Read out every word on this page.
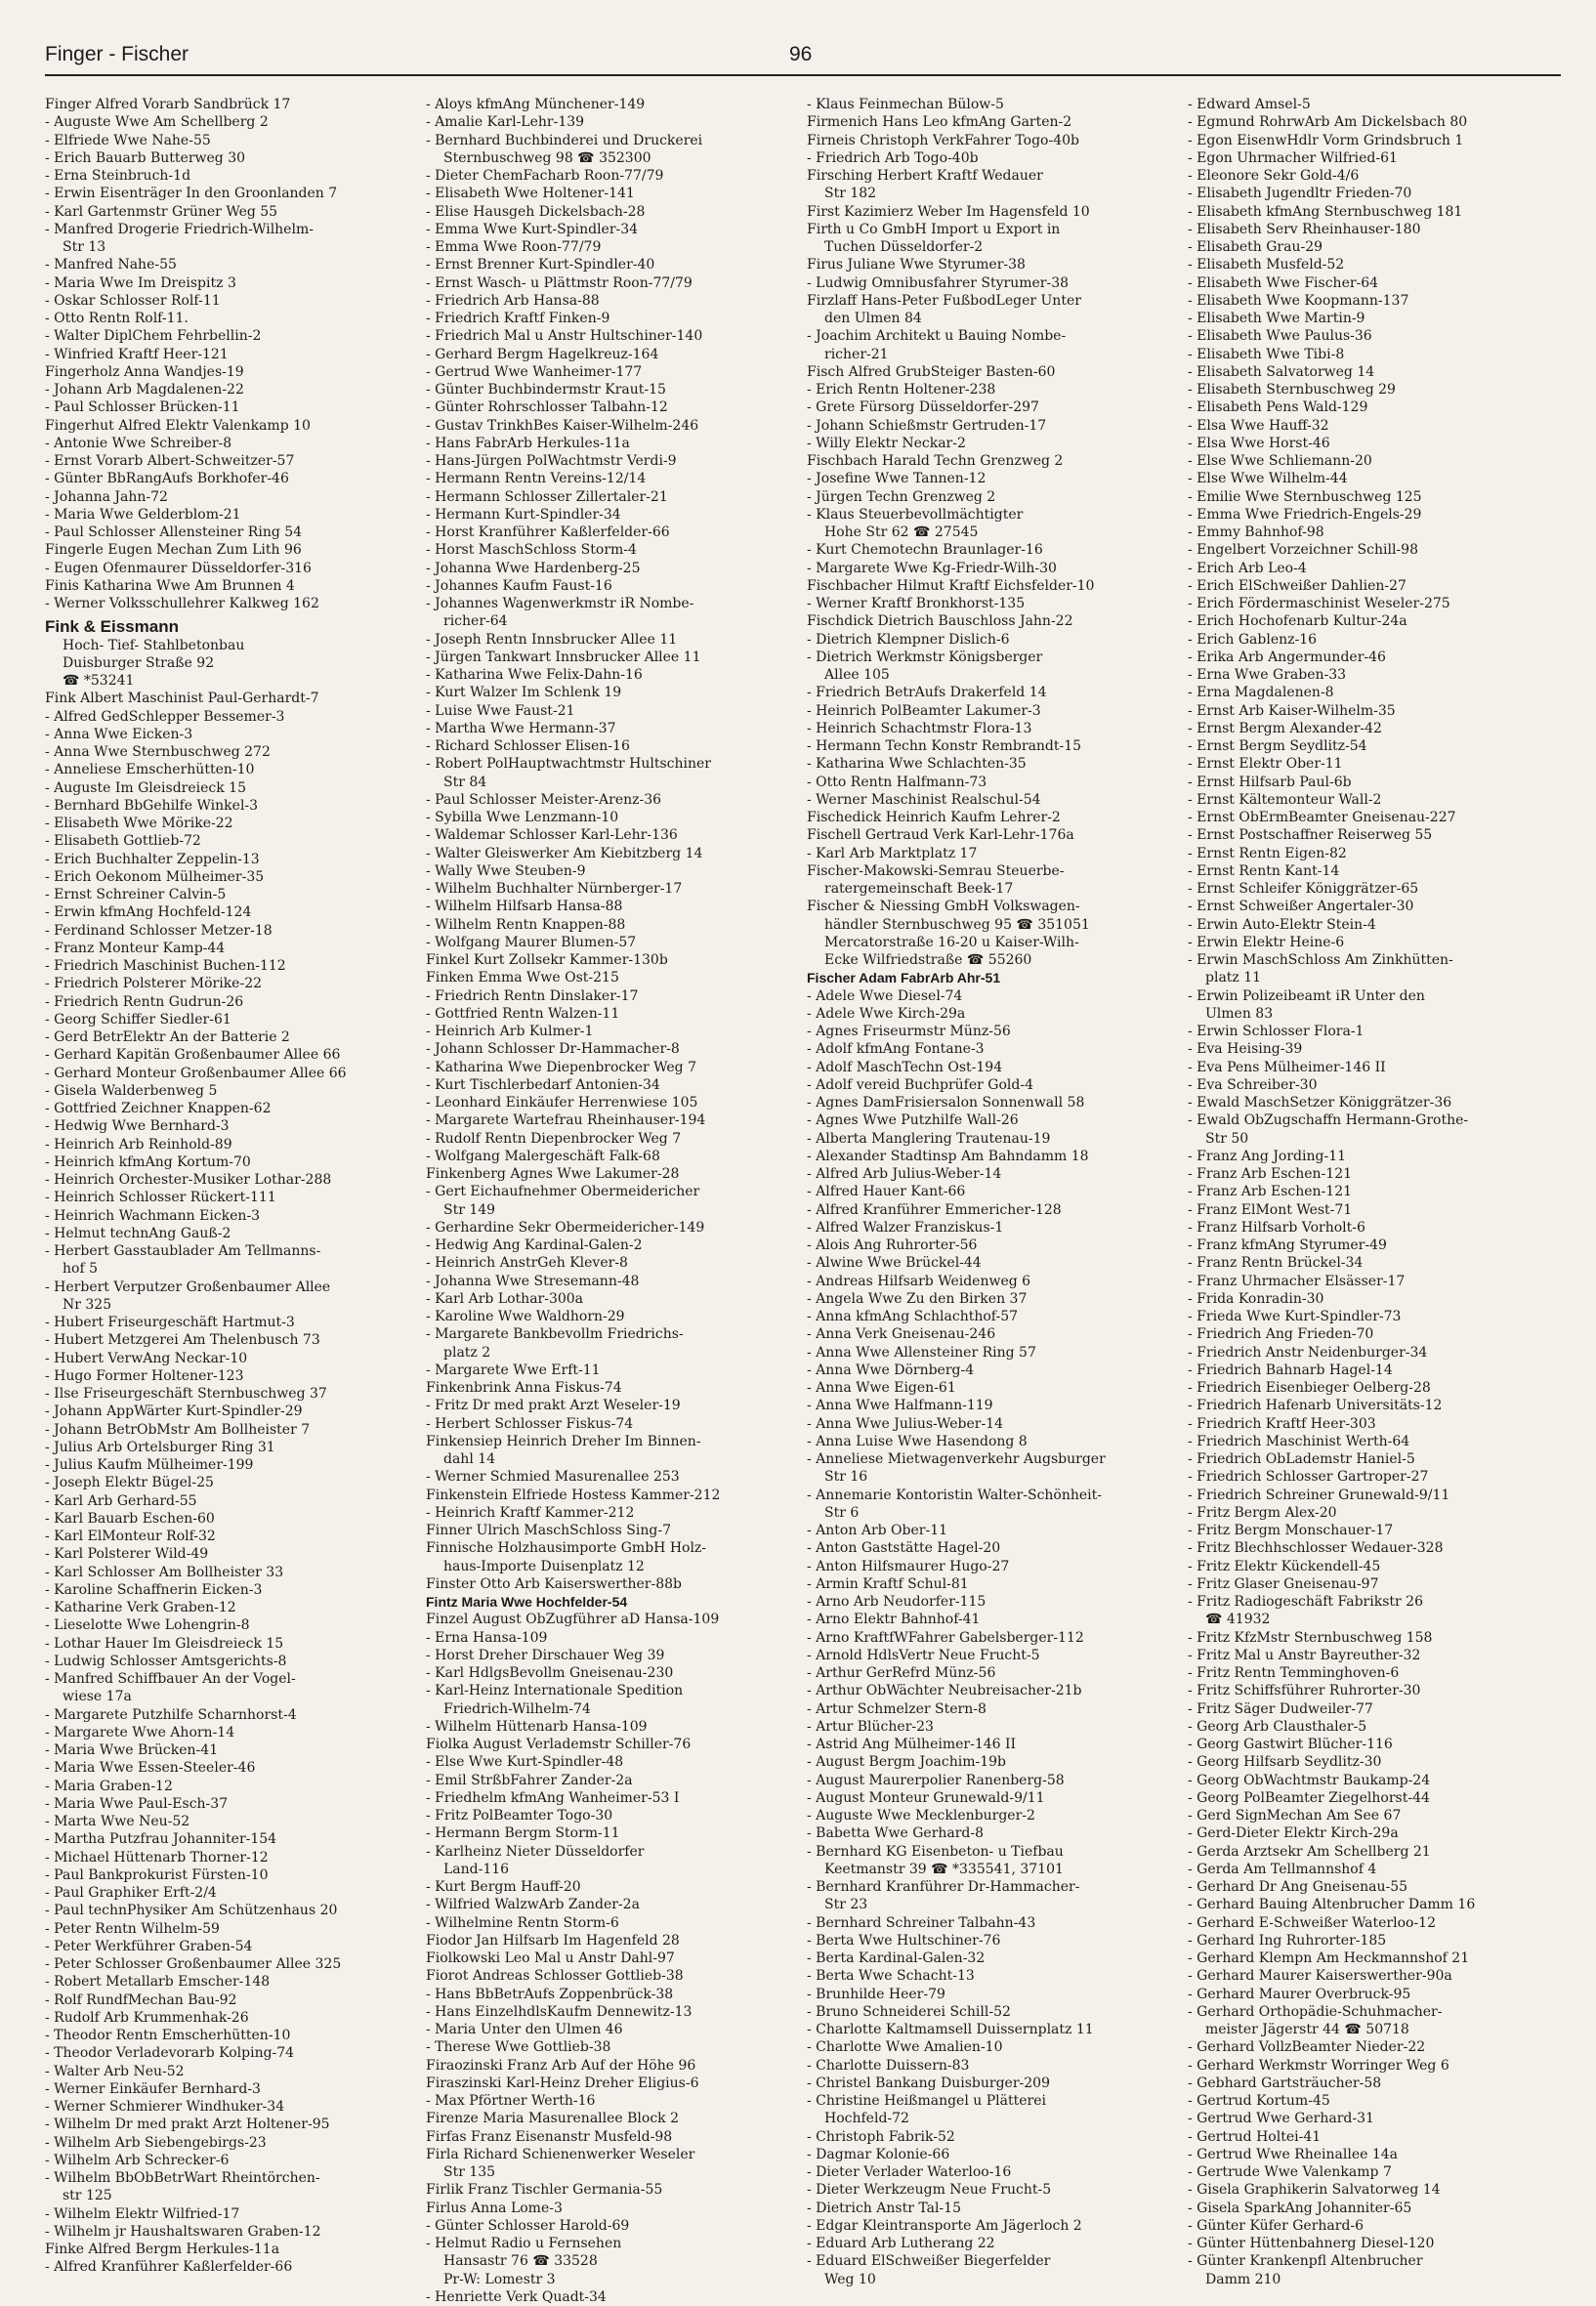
Finger - Fischer	96
Finger Alfred Vorarb Sandbrück 17
- Auguste Wwe Am Schellberg 2
- Elfriede Wwe Nahe-55
- Erich Bauarb Butterweg 30
- Erna Steinbruch-1d
- Erwin Eisenträger In den Groonlanden 7
- Karl Gartenmstr Grüner Weg 55
- Manfred Drogerie Friedrich-Wilhelm-
Str 13
- Manfred Nahe-55
- Maria Wwe Im Dreispitz 3
- Oskar Schlosser Rolf-11
- Otto Rentn Rolf-11.
- Walter DiplChem Fehrbellin-2
- Winfried Kraftf Heer-121
Fingerholz Anna Wandjes-19
- Johann Arb Magdalenen-22
- Paul Schlosser Brücken-11
Fingerhut Alfred Elektr Valenkamp 10
- Antonie Wwe Schreiber-8
- Ernst Vorarb Albert-Schweitzer-57
- Günter BbRangAufs Borkhofer-46
- Johanna Jahn-72
- Maria Wwe Gelderblom-21
- Paul Schlosser Allensteiner Ring 54
Fingerle Eugen Mechan Zum Lith 96
- Eugen Ofenmaurer Düsseldorfer-316
Finis Katharina Wwe Am Brunnen 4
- Werner Volksschullehrer Kalkweg 162
Fink & Eissmann
Hoch- Tief- Stahlbetonbau
Duisburger Straße 92
☎ *53241
Fink Albert Maschinist Paul-Gerhardt-7
- Alfred GedSchlepper Bessemer-3
- Anna Wwe Eicken-3
- Anna Wwe Sternbuschweg 272
- Anneliese Emscherhütten-10
- Auguste Im Gleisdreieck 15
- Bernhard BbGehilfe Winkel-3
- Elisabeth Wwe Mörike-22
- Elisabeth Gottlieb-72
- Erich Buchhalter Zeppelin-13
- Erich Oekonom Mülheimer-35
- Ernst Schreiner Calvin-5
- Erwin kfmAng Hochfeld-124
- Ferdinand Schlosser Metzer-18
- Franz Monteur Kamp-44
- Friedrich Maschinist Buchen-112
- Friedrich Polsterer Mörike-22
- Friedrich Rentn Gudrun-26
- Georg Schiffer Siedler-61
- Gerd BetrElektr An der Batterie 2
- Gerhard Kapitän Großenbaumer Allee 66
- Gerhard Monteur Großenbaumer Allee 66
- Gisela Walderbenweg 5
- Gottfried Zeichner Knappen-62
- Hedwig Wwe Bernhard-3
- Heinrich Arb Reinhold-89
- Heinrich kfmAng Kortum-70
- Heinrich Orchester-Musiker Lothar-288
- Heinrich Schlosser Rückert-111
- Heinrich Wachmann Eicken-3
- Helmut technAng Gauß-2
- Herbert Gasstaublader Am Tellmanns-
hof 5
- Herbert Verputzer Großenbaumer Allee
Nr 325
- Hubert Friseurgeschäft Hartmut-3
- Hubert Metzgerei Am Thelenbusch 73
- Hubert VerwAng Neckar-10
- Hugo Former Holtener-123
- Ilse Friseurgeschäft Sternbuschweg 37
- Johann AppWärter Kurt-Spindler-29
- Johann BetrObMstr Am Bollheister 7
- Julius Arb Ortelsburger Ring 31
- Julius Kaufm Mülheimer-199
- Joseph Elektr Bügel-25
- Karl Arb Gerhard-55
- Karl Bauarb Eschen-60
- Karl ElMonteur Rolf-32
- Karl Polsterer Wild-49
- Karl Schlosser Am Bollheister 33
- Karoline Schaffnerin Eicken-3
- Katharine Verk Graben-12
- Lieselotte Wwe Lohengrin-8
- Lothar Hauer Im Gleisdreieck 15
- Ludwig Schlosser Amtsgerichts-8
- Manfred Schiffbauer An der Vogel-
wiese 17a
- Margarete Putzhilfe Scharnhorst-4
- Margarete Wwe Ahorn-14
- Maria Wwe Brücken-41
- Maria Wwe Essen-Steeler-46
- Maria Graben-12
- Maria Wwe Paul-Esch-37
- Marta Wwe Neu-52
- Martha Putzfrau Johanniter-154
- Michael Hüttenarb Thorner-12
- Paul Bankprokurist Fürsten-10
- Paul Graphiker Erft-2/4
- Paul technPhysiker Am Schützenhaus 20
- Peter Rentn Wilhelm-59
- Peter Werkführer Graben-54
- Peter Schlosser Großenbaumer Allee 325
- Robert Metallarb Emscher-148
- Rolf RundfMechan Bau-92
- Rudolf Arb Krummenhak-26
- Theodor Rentn Emscherhütten-10
- Theodor Verladevorarb Kolping-74
- Walter Arb Neu-52
- Werner Einkäufer Bernhard-3
- Werner Schmierer Windhuker-34
- Wilhelm Dr med prakt Arzt Holtener-95
- Wilhelm Arb Siebengebirgs-23
- Wilhelm Arb Schrecker-6
- Wilhelm BbObBetrWart Rheintörchen-
str 125
- Wilhelm Elektr Wilfried-17
- Wilhelm jr Haushaltswaren Graben-12
Finke Alfred Bergm Herkules-11a
- Alfred Kranführer Kaßlerfelder-66
- Aloys kfmAng Münchener-149
- Amalie Karl-Lehr-139
- Bernhard Buchbinderei und Druckerei
Sternbuschweg 98 ☎ 352300
- Dieter ChemFacharb Roon-77/79
- Elisabeth Wwe Holtener-141
- Elise Hausgeh Dickelsbach-28
- Emma Wwe Kurt-Spindler-34
- Emma Wwe Roon-77/79
- Ernst Brenner Kurt-Spindler-40
- Ernst Wasch- u Plättmstr Roon-77/79
- Friedrich Arb Hansa-88
- Friedrich Kraftf Finken-9
- Friedrich Mal u Anstr Hultschiner-140
- Gerhard Bergm Hagelkreuz-164
- Gertrud Wwe Wanheimer-177
- Günter Buchbindermstr Kraut-15
- Günter Rohrschlosser Talbahn-12
- Gustav TrinkhBes Kaiser-Wilhelm-246
- Hans FabrArb Herkules-11a
- Hans-Jürgen PolWachtmstr Verdi-9
- Hermann Rentn Vereins-12/14
- Hermann Schlosser Zillertaler-21
- Hermann Kurt-Spindler-34
- Horst Kranführer Kaßlerfelder-66
- Horst MaschSchloss Storm-4
- Johanna Wwe Hardenberg-25
- Johannes Kaufm Faust-16
- Johannes Wagenwerkmstr iR Nombe-
richer-64
- Joseph Rentn Innsbrucker Allee 11
- Jürgen Tankwart Innsbrucker Allee 11
- Katharina Wwe Felix-Dahn-16
- Kurt Walzer Im Schlenk 19
- Luise Wwe Faust-21
- Martha Wwe Hermann-37
- Richard Schlosser Elisen-16
- Robert PolHauptwachtmstr Hultschiner
Str 84
- Paul Schlosser Meister-Arenz-36
- Sybilla Wwe Lenzmann-10
- Waldemar Schlosser Karl-Lehr-136
- Walter Gleiswerker Am Kiebitzberg 14
- Wally Wwe Steuben-9
- Wilhelm Buchhalter Nürnberger-17
- Wilhelm Hilfsarb Hansa-88
- Wilhelm Rentn Knappen-88
- Wolfgang Maurer Blumen-57
Finkel Kurt Zollsekr Kammer-130b
Finken Emma Wwe Ost-215
- Friedrich Rentn Dinslaker-17
- Gottfried Rentn Walzen-11
- Heinrich Arb Kulmer-1
- Johann Schlosser Dr-Hammacher-8
- Katharina Wwe Diepenbrocker Weg 7
- Kurt Tischlerbedarf Antonien-34
- Leonhard Einkäufer Herrenwiese 105
- Margarete Wartefrau Rheinhauser-194
- Rudolf Rentn Diepenbrocker Weg 7
- Wolfgang Malergeschäft Falk-68
Finkenberg Agnes Wwe Lakumer-28
- Gert Eichaufnehmer Obermeidericher
Str 149
- Gerhardine Sekr Obermeidericher-149
- Hedwig Ang Kardinal-Galen-2
- Heinrich AnstrGeh Klever-8
- Johanna Wwe Stresemann-48
- Karl Arb Lothar-300a
- Karoline Wwe Waldhorn-29
- Margarete Bankbevollm Friedrichs-
platz 2
- Margarete Wwe Erft-11
Finkenbrink Anna Fiskus-74
- Fritz Dr med prakt Arzt Weseler-19
- Herbert Schlosser Fiskus-74
Finkensiep Heinrich Dreher Im Binnen-
dahl 14
- Werner Schmied Masurenallee 253
Finkenstein Elfriede Hostess Kammer-212
- Heinrich Kraftf Kammer-212
Finner Ulrich MaschSchloss Sing-7
Finnische Holzhausimporte GmbH Holz-
haus-Importe Duisenplatz 12
Finster Otto Arb Kaiserswerther-88b
Fintz Maria Wwe Hochfelder-54
Finzel August ObZugführer aD Hansa-109
- Erna Hansa-109
- Horst Dreher Dirschauer Weg 39
- Karl HdlgsBevollm Gneisenau-230
- Karl-Heinz Internationale Spedition
Friedrich-Wilhelm-74
- Wilhelm Hüttenarb Hansa-109
Fiolka August Verlademstr Schiller-76
- Else Wwe Kurt-Spindler-48
- Emil StrßbFahrer Zander-2a
- Friedhelm kfmAng Wanheimer-53 I
- Fritz PolBeamter Togo-30
- Hermann Bergm Storm-11
- Karlheinz Nieter Düsseldorfer
Land-116
- Kurt Bergm Hauff-20
- Wilfried WalzwArb Zander-2a
- Wilhelmine Rentn Storm-6
Fiodor Jan Hilfsarb Im Hagenfeld 28
Fiolkowski Leo Mal u Anstr Dahl-97
Fiorot Andreas Schlosser Gottlieb-38
- Hans BbBetrAufs Zoppenbrück-38
- Hans EinzelhdlsKaufm Dennewitz-13
- Maria Unter den Ulmen 46
- Therese Wwe Gottlieb-38
Firaozinski Franz Arb Auf der Höhe 96
Firaszinski Karl-Heinz Dreher Eligius-6
- Max Pförtner Werth-16
Firenze Maria Masurenallee Block 2
Firfas Franz Eisenanstr Musfeld-98
Firla Richard Schienenwerker Weseler
Str 135
Firlik Franz Tischler Germania-55
Firlus Anna Lome-3
- Günter Schlosser Harold-69
- Helmut Radio u Fernsehen
Hansastr 76 ☎ 33528
Pr-W: Lomestr 3
- Henriette Verk Quadt-34
- Klaus Feinmechan Bülow-5
Firmenich Hans Leo kfmAng Garten-2
Firneis Christoph VerkFahrer Togo-40b
- Friedrich Arb Togo-40b
Firsching Herbert Kraftf Wedauer
Str 182
First Kazimierz Weber Im Hagensfeld 10
Firth u Co GmbH Import u Export in
Tuchen Düsseldorfer-2
Firus Juliane Wwe Styrumer-38
- Ludwig Omnibusfahrer Styrumer-38
Firzlaff Hans-Peter FußbodLeger Unter
den Ulmen 84
- Joachim Architekt u Bauing Nombe-
richer-21
Fisch Alfred GrubSteiger Basten-60
- Erich Rentn Holtener-238
- Grete Fürsorg Düsseldorfer-297
- Johann Schießmstr Gertruden-17
- Willy Elektr Neckar-2
Fischbach Harald Techn Grenzweg 2
- Josefine Wwe Tannen-12
- Jürgen Techn Grenzweg 2
- Klaus Steuerbevollmächtigter
Hohe Str 62 ☎ 27545
- Kurt Chemotechn Braunlager-16
- Margarete Wwe Kg-Friedr-Wilh-30
Fischbacher Hilmut Kraftf Eichsfelder-10
- Werner Kraftf Bronkhorst-135
Fischdick Dietrich Bauschloss Jahn-22
- Dietrich Klempner Dislich-6
- Dietrich Werkmstr Königsberger
Allee 105
- Friedrich BetrAufs Drakerfeld 14
- Heinrich PolBeamter Lakumer-3
- Heinrich Schachtmstr Flora-13
- Hermann Techn Konstr Rembrandt-15
- Katharina Wwe Schlachten-35
- Otto Rentn Halfmann-73
- Werner Maschinist Realschul-54
Fischedick Heinrich Kaufm Lehrer-2
Fischell Gertraud Verk Karl-Lehr-176a
- Karl Arb Marktplatz 17
Fischer-Makowski-Semrau Steuerbe-
ratergemeinschaft Beek-17
Fischer & Niessing GmbH Volkswagen-
händler Sternbuschweg 95 ☎ 351051
Mercatorstraße 16-20 u Kaiser-Wilh-
Ecke Wilfriedstraße ☎ 55260
Fischer Adam FabrArb Ahr-51
- Adele Wwe Diesel-74
- Adele Wwe Kirch-29a
- Agnes Friseurmstr Münz-56
- Adolf kfmAng Fontane-3
- Adolf MaschTechn Ost-194
- Adolf vereid Buchprüfer Gold-4
- Agnes DamFrisiersalon Sonnenwall 58
- Agnes Wwe Putzhilfe Wall-26
- Alberta Manglering Trautenau-19
- Alexander Stadtinsp Am Bahndamm 18
- Alfred Arb Julius-Weber-14
- Alfred Hauer Kant-66
- Alfred Kranführer Emmericher-128
- Alfred Walzer Franziskus-1
- Alois Ang Ruhrorter-56
- Alwine Wwe Brückel-44
- Andreas Hilfsarb Weidenweg 6
- Angela Wwe Zu den Birken 37
- Anna kfmAng Schlachthof-57
- Anna Verk Gneisenau-246
- Anna Wwe Allensteiner Ring 57
- Anna Wwe Dörnberg-4
- Anna Wwe Eigen-61
- Anna Wwe Halfmann-119
- Anna Wwe Julius-Weber-14
- Anna Luise Wwe Hasendong 8
- Anneliese Mietwagenverkehr Augsburger
Str 16
- Annemarie Kontoristin Walter-Schönheit-
Str 6
- Anton Arb Ober-11
- Anton Gaststätte Hagel-20
- Anton Hilfsmaurer Hugo-27
- Armin Kraftf Schul-81
- Arno Arb Neudorfer-115
- Arno Elektr Bahnhof-41
- Arno KraftfWFahrer Gabelsberger-112
- Arnold HdlsVertr Neue Frucht-5
- Arthur GerRefrd Münz-56
- Arthur ObWächter Neubreisacher-21b
- Artur Schmelzer Stern-8
- Artur Blücher-23
- Astrid Ang Mülheimer-146 II
- August Bergm Joachim-19b
- August Maurerpolier Ranenberg-58
- August Monteur Grunewald-9/11
- Auguste Wwe Mecklenburger-2
- Babetta Wwe Gerhard-8
- Bernhard KG Eisenbeton- u Tiefbau
Keetmanstr 39 ☎ *335541, 37101
- Bernhard Kranführer Dr-Hammacher-
Str 23
- Bernhard Schreiner Talbahn-43
- Berta Wwe Hultschiner-76
- Berta Kardinal-Galen-32
- Berta Wwe Schacht-13
- Brunhilde Heer-79
- Bruno Schneiderei Schill-52
- Charlotte Kaltmamsell Duissernplatz 11
- Charlotte Wwe Amalien-10
- Charlotte Duissern-83
- Christel Bankang Duisburger-209
- Christine Heißmangel u Plätterei
Hochfeld-72
- Christoph Fabrik-52
- Dagmar Kolonie-66
- Dieter Verlader Waterloo-16
- Dieter Werkzeugm Neue Frucht-5
- Dietrich Anstr Tal-15
- Edgar Kleintransporte Am Jägerloch 2
- Eduard Arb Lutherang 22
- Eduard ElSchweißer Biegerfelder
Weg 10
- Edward Amsel-5
- Egmund RohrwArb Am Dickelsbach 80
- Egon EisenwHdlr Vorm Grindsbruch 1
- Egon Uhrmacher Wilfried-61
- Eleonore Sekr Gold-4/6
- Elisabeth Jugendltr Frieden-70
- Elisabeth kfmAng Sternbuschweg 181
- Elisabeth Serv Rheinhauser-180
- Elisabeth Grau-29
- Elisabeth Musfeld-52
- Elisabeth Wwe Fischer-64
- Elisabeth Wwe Koopmann-137
- Elisabeth Wwe Martin-9
- Elisabeth Wwe Paulus-36
- Elisabeth Wwe Tibi-8
- Elisabeth Salvatorweg 14
- Elisabeth Sternbuschweg 29
- Elisabeth Pens Wald-129
- Elsa Wwe Hauff-32
- Elsa Wwe Horst-46
- Else Wwe Schliemann-20
- Else Wwe Wilhelm-44
- Emilie Wwe Sternbuschweg 125
- Emma Wwe Friedrich-Engels-29
- Emmy Bahnhof-98
- Engelbert Vorzeichner Schill-98
- Erich Arb Leo-4
- Erich ElSchweißer Dahlien-27
- Erich Fördermaschinist Weseler-275
- Erich Hochofenarb Kultur-24a
- Erich Gablenz-16
- Erika Arb Angermunder-46
- Erna Wwe Graben-33
- Erna Magdalenen-8
- Ernst Arb Kaiser-Wilhelm-35
- Ernst Bergm Alexander-42
- Ernst Bergm Seydlitz-54
- Ernst Elektr Ober-11
- Ernst Hilfsarb Paul-6b
- Ernst Kältemonteur Wall-2
- Ernst ObErmBeamter Gneisenau-227
- Ernst Postschaffner Reiserweg 55
- Ernst Rentn Eigen-82
- Ernst Rentn Kant-14
- Ernst Schleifer Königgrätzer-65
- Ernst Schweißer Angertaler-30
- Erwin Auto-Elektr Stein-4
- Erwin Elektr Heine-6
- Erwin MaschSchloss Am Zinkhütten-
platz 11
- Erwin Polizeibeamt iR Unter den
Ulmen 83
- Erwin Schlosser Flora-1
- Eva Heising-39
- Eva Pens Mülheimer-146 II
- Eva Schreiber-30
- Ewald MaschSetzer Königgrätzer-36
- Ewald ObZugschaffn Hermann-Grothe-
Str 50
- Franz Ang Jording-11
- Franz Arb Eschen-121
- Franz Arb Eschen-121
- Franz ElMont West-71
- Franz Hilfsarb Vorholt-6
- Franz kfmAng Styrumer-49
- Franz Rentn Brückel-34
- Franz Uhrmacher Elsässer-17
- Frida Konradin-30
- Frieda Wwe Kurt-Spindler-73
- Friedrich Ang Frieden-70
- Friedrich Anstr Neidenburger-34
- Friedrich Bahnarb Hagel-14
- Friedrich Eisenbieger Oelberg-28
- Friedrich Hafenarb Universitäts-12
- Friedrich Kraftf Heer-303
- Friedrich Maschinist Werth-64
- Friedrich ObLademstr Haniel-5
- Friedrich Schlosser Gartroper-27
- Friedrich Schreiner Grunewald-9/11
- Fritz Bergm Alex-20
- Fritz Bergm Monschauer-17
- Fritz Blechhschlosser Wedauer-328
- Fritz Elektr Kückendell-45
- Fritz Glaser Gneisenau-97
- Fritz Radiogeschäft Fabrikstr 26
☎ 41932
- Fritz KfzMstr Sternbuschweg 158
- Fritz Mal u Anstr Bayreuther-32
- Fritz Rentn Temminghoven-6
- Fritz Schiffsführer Ruhrorter-30
- Fritz Säger Dudweiler-77
- Georg Arb Clausthaler-5
- Georg Gastwirt Blücher-116
- Georg Hilfsarb Seydlitz-30
- Georg ObWachtmstr Baukamp-24
- Georg PolBeamter Ziegelhorst-44
- Gerd SignMechan Am See 67
- Gerd-Dieter Elektr Kirch-29a
- Gerda Arztsekr Am Schellberg 21
- Gerda Am Tellmannshof 4
- Gerhard Dr Ang Gneisenau-55
- Gerhard Bauing Altenbrucher Damm 16
- Gerhard E-Schweißer Waterloo-12
- Gerhard Ing Ruhrorter-185
- Gerhard Klempn Am Heckmannshof 21
- Gerhard Maurer Kaiserswerther-90a
- Gerhard Maurer Overbruck-95
- Gerhard Orthopädie-Schuhmacher-
meister Jägerstr 44 ☎ 50718
- Gerhard VollzBeamter Nieder-22
- Gerhard Werkmstr Worringer Weg 6
- Gebhard Gartsträucher-58
- Gertrud Kortum-45
- Gertrud Wwe Gerhard-31
- Gertrud Holtei-41
- Gertrud Wwe Rheinallee 14a
- Gertrude Wwe Valenkamp 7
- Gisela Graphikerin Salvatorweg 14
- Gisela SparkAng Johanniter-65
- Günter Küfer Gerhard-6
- Günter Hüttenbahnerg Diesel-120
- Günter Krankenpfl Altenbrucher
Damm 210
